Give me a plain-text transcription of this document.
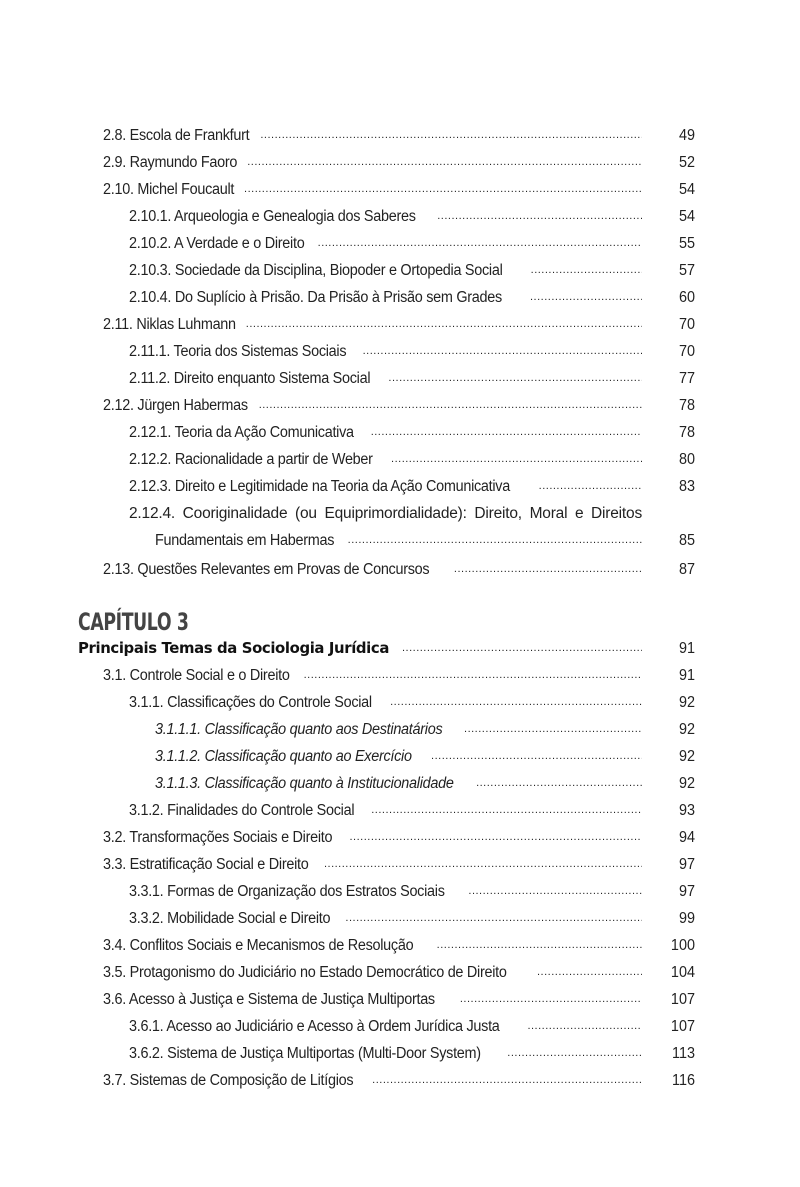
2.8. Escola de Frankfurt .....	49
2.9. Raymundo Faoro .....	52
2.10. Michel Foucault .....	54
2.10.1. Arqueologia e Genealogia dos Saberes .....	54
2.10.2. A Verdade e o Direito .....	55
2.10.3. Sociedade da Disciplina, Biopoder e Ortopedia Social .....	57
2.10.4. Do Suplício à Prisão. Da Prisão à Prisão sem Grades .....	60
2.11. Niklas Luhmann .....	70
2.11.1. Teoria dos Sistemas Sociais .....	70
2.11.2. Direito enquanto Sistema Social .....	77
2.12. Jürgen Habermas .....	78
2.12.1. Teoria da Ação Comunicativa .....	78
2.12.2. Racionalidade a partir de Weber .....	80
2.12.3. Direito e Legitimidade na Teoria da Ação Comunicativa .....	83
2.12.4. Cooriginalidade (ou Equiprimordialidade): Direito, Moral e Direitos
Fundamentais em Habermas .....	85
2.13. Questões Relevantes em Provas de Concursos .....	87
CAPÍTULO 3
Principais Temas da Sociologia Jurídica .....	91
3.1. Controle Social e o Direito .....	91
3.1.1. Classificações do Controle Social .....	92
3.1.1.1. Classificação quanto aos Destinatários .....	92
3.1.1.2. Classificação quanto ao Exercício .....	92
3.1.1.3. Classificação quanto à Institucionalidade .....	92
3.1.2. Finalidades do Controle Social .....	93
3.2. Transformações Sociais e Direito .....	94
3.3. Estratificação Social e Direito .....	97
3.3.1. Formas de Organização dos Estratos Sociais .....	97
3.3.2. Mobilidade Social e Direito .....	99
3.4. Conflitos Sociais e Mecanismos de Resolução .....	100
3.5. Protagonismo do Judiciário no Estado Democrático de Direito .....	104
3.6. Acesso à Justiça e Sistema de Justiça Multiportas .....	107
3.6.1. Acesso ao Judiciário e Acesso à Ordem Jurídica Justa .....	107
3.6.2. Sistema de Justiça Multiportas (Multi-Door System) .....	113
3.7. Sistemas de Composição de Litígios .....	116
